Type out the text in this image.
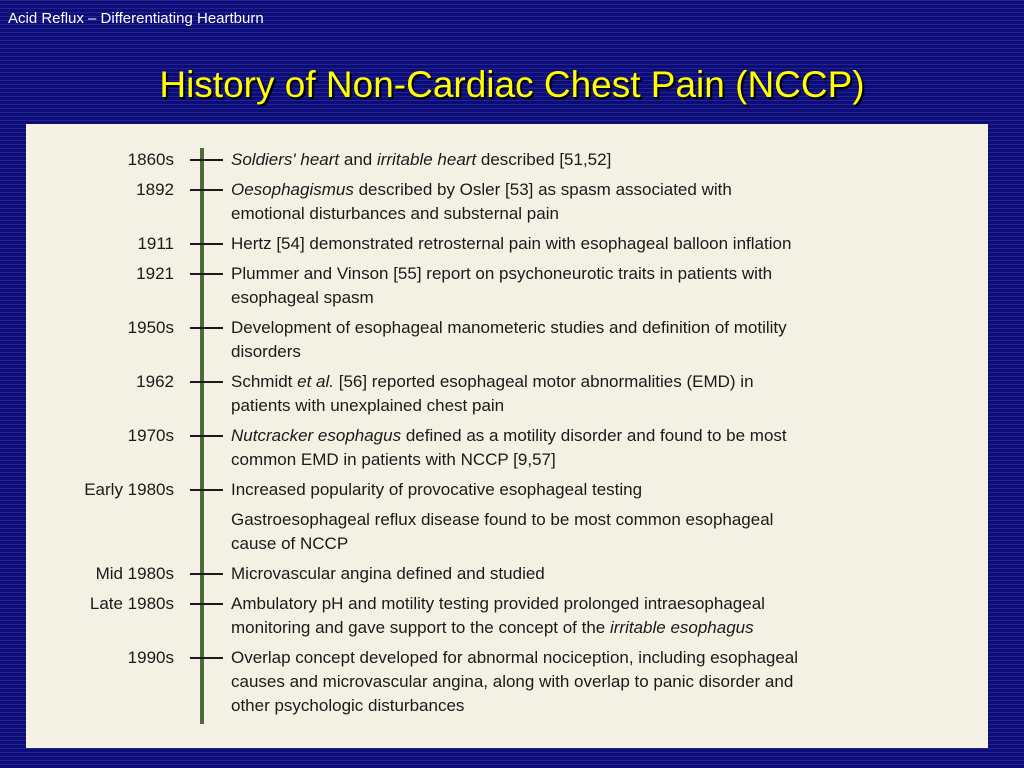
Acid Reflux – Differentiating Heartburn
History of Non-Cardiac Chest Pain (NCCP)
1860s	Soldiers' heart and irritable heart described [51,52]
1892	Oesophagismus described by Osler [53] as spasm associated with
emotional disturbances and substernal pain
1911	Hertz [54] demonstrated retrosternal pain with esophageal balloon inflation
1921	Plummer and Vinson [55] report on psychoneurotic traits in patients with
esophageal spasm
1950s	Development of esophageal manometeric studies and definition of motility
disorders
1962	Schmidt et al. [56] reported esophageal motor abnormalities (EMD) in
patients with unexplained chest pain
1970s	Nutcracker esophagus defined as a motility disorder and found to be most
common EMD in patients with NCCP [9,57]
Early 1980s	Increased popularity of provocative esophageal testing
Gastroesophageal reflux disease found to be most common esophageal
cause of NCCP
Mid 1980s	Microvascular angina defined and studied
Late 1980s	Ambulatory pH and motility testing provided prolonged intraesophageal
monitoring and gave support to the concept of the irritable esophagus
1990s	Overlap concept developed for abnormal nociception, including esophageal
causes and microvascular angina, along with overlap to panic disorder and
other psychologic disturbances
